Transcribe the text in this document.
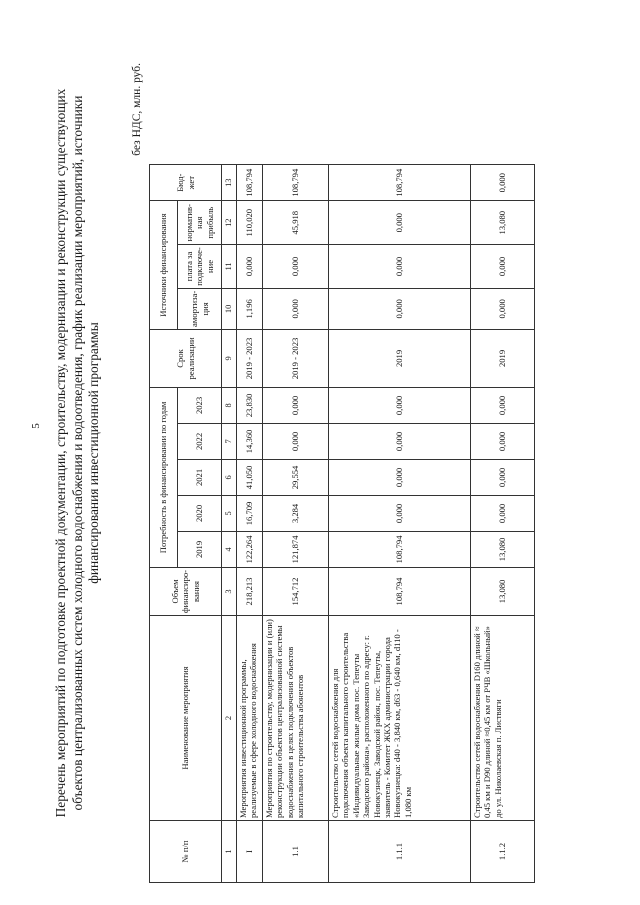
5 Перечень мероприятий по подготовке проектной документации, строительству, модернизации и реконструкции существующих объектов централизованных систем холодного водоснабжения и водоотведения, график реализации мероприятий, источники финансирования инвестиционной программы
без НДС, млн. руб.
№ п/п	Наименование мероприятия	Объем финансиро-вания	Потребность в финансировании по годам					Срок реализации	Источники финансирования			Бюд-жет
			2019	2020	2021	2022	2023		амортиза-ция	плата за подключе-ние	норматив-ная прибыль	
1	2	3	4	5	6	7	8	9	10	11	12	13
I	Мероприятия инвестиционной программы, реализуемые в сфере холодного водоснабжения	218,213	122,264	16,709	41,050	14,360	23,830	2019 - 2023	1,196	0,000	110,020	108,794
1.1	Мероприятия по строительству, модернизации и (или) реконструкции объектов централизованной системы водоснабжения в целях подключения объектов капитального строительства абонентов	154,712	121,874	3,284	29,554	0,000	0,000	2019 - 2023	0,000	0,000	45,918	108,794
1.1.1	Строительство сетей водоснабжения для подключения объекта капитального строительства «Индивидуальные жилые дома пос. Тепеуты Заводского района», расположенного по адресу: г. Новокузнецк, Заводской район, пос. Тепеуты, заявитель - Комитет ЖКХ администрации города Новокузнецка: d40 - 3,840 км, d63 - 0,640 км, d110 - 1,080 км	108,794	108,794	0,000	0,000	0,000	0,000	2019	0,000	0,000	0,000	108,794
1.1.2	Строительство сетей водоснабжения D160 длиной ≈ 0,45 км и D90 длиной ≈0,45 км от РЧВ «Школьный» до ул. Николаевская п. Листвяги	13,080	13,080	0,000	0,000	0,000	0,000	2019	0,000	0,000	13,080	0,000
